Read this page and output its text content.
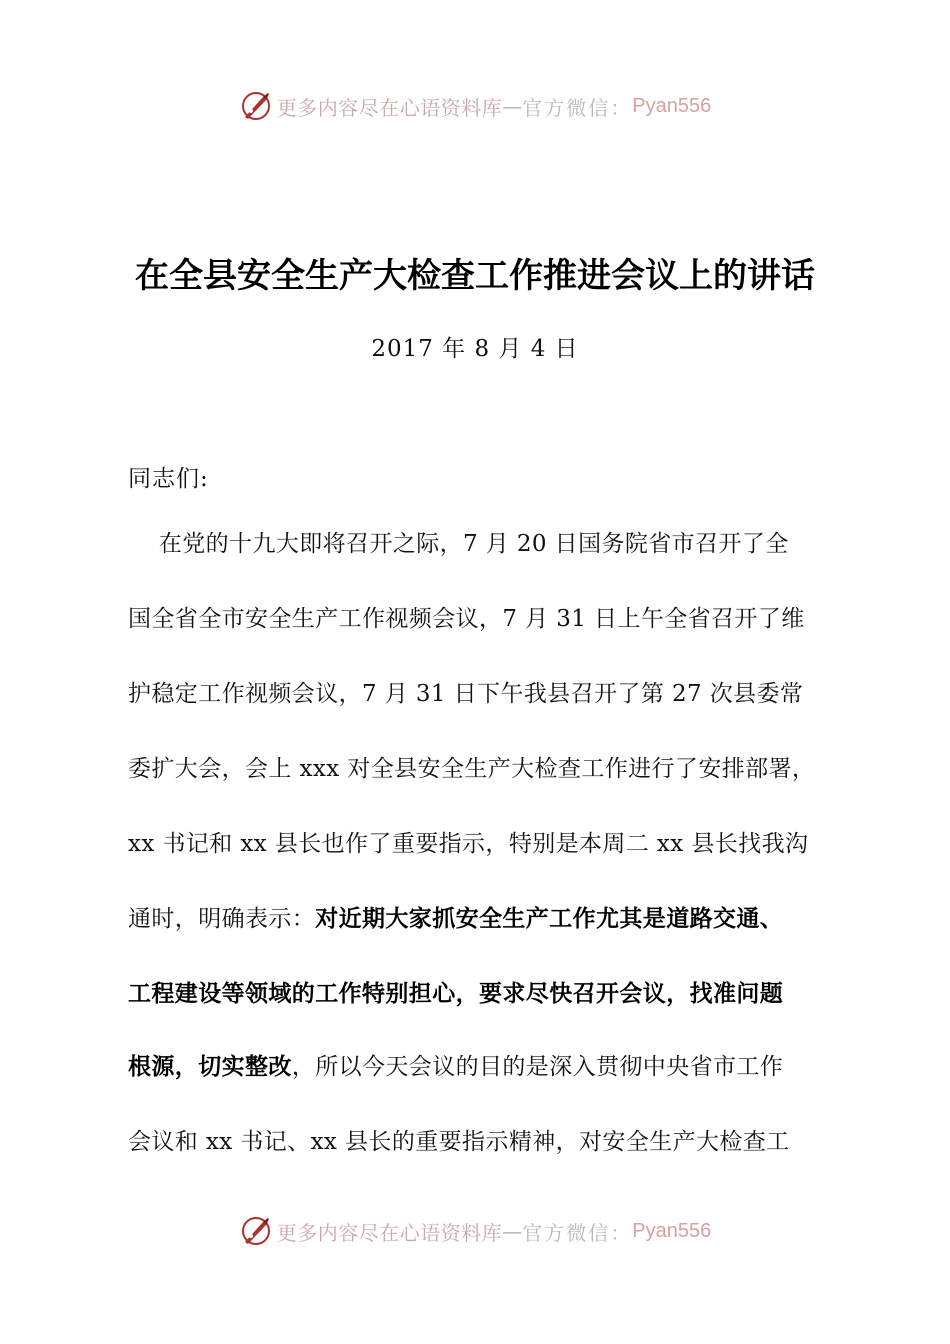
更多内容尽在心语资料库 — 官方微信： Pyan556
在全县安全生产大检查工作推进会议上的讲话
2017 年 8 月 4 日
同志们:
在党的十九大即将召开之际，7 月 20 日国务院省市召开了全
国全省全市安全生产工作视频会议，7 月 31 日上午全省召开了维
护稳定工作视频会议，7 月 31 日下午我县召开了第 27 次县委常
委扩大会，会上 xxx 对全县安全生产大检查工作进行了安排部署，
xx 书记和 xx 县长也作了重要指示，特别是本周二 xx 县长找我沟
通时，明确表示：对近期大家抓安全生产工作尤其是道路交通、
工程建设等领域的工作特别担心，要求尽快召开会议，找准问题
根源，切实整改，所以今天会议的目的是深入贯彻中央省市工作
会议和 xx 书记、xx 县长的重要指示精神，对安全生产大检查工
更多内容尽在心语资料库 — 官方微信： Pyan556
